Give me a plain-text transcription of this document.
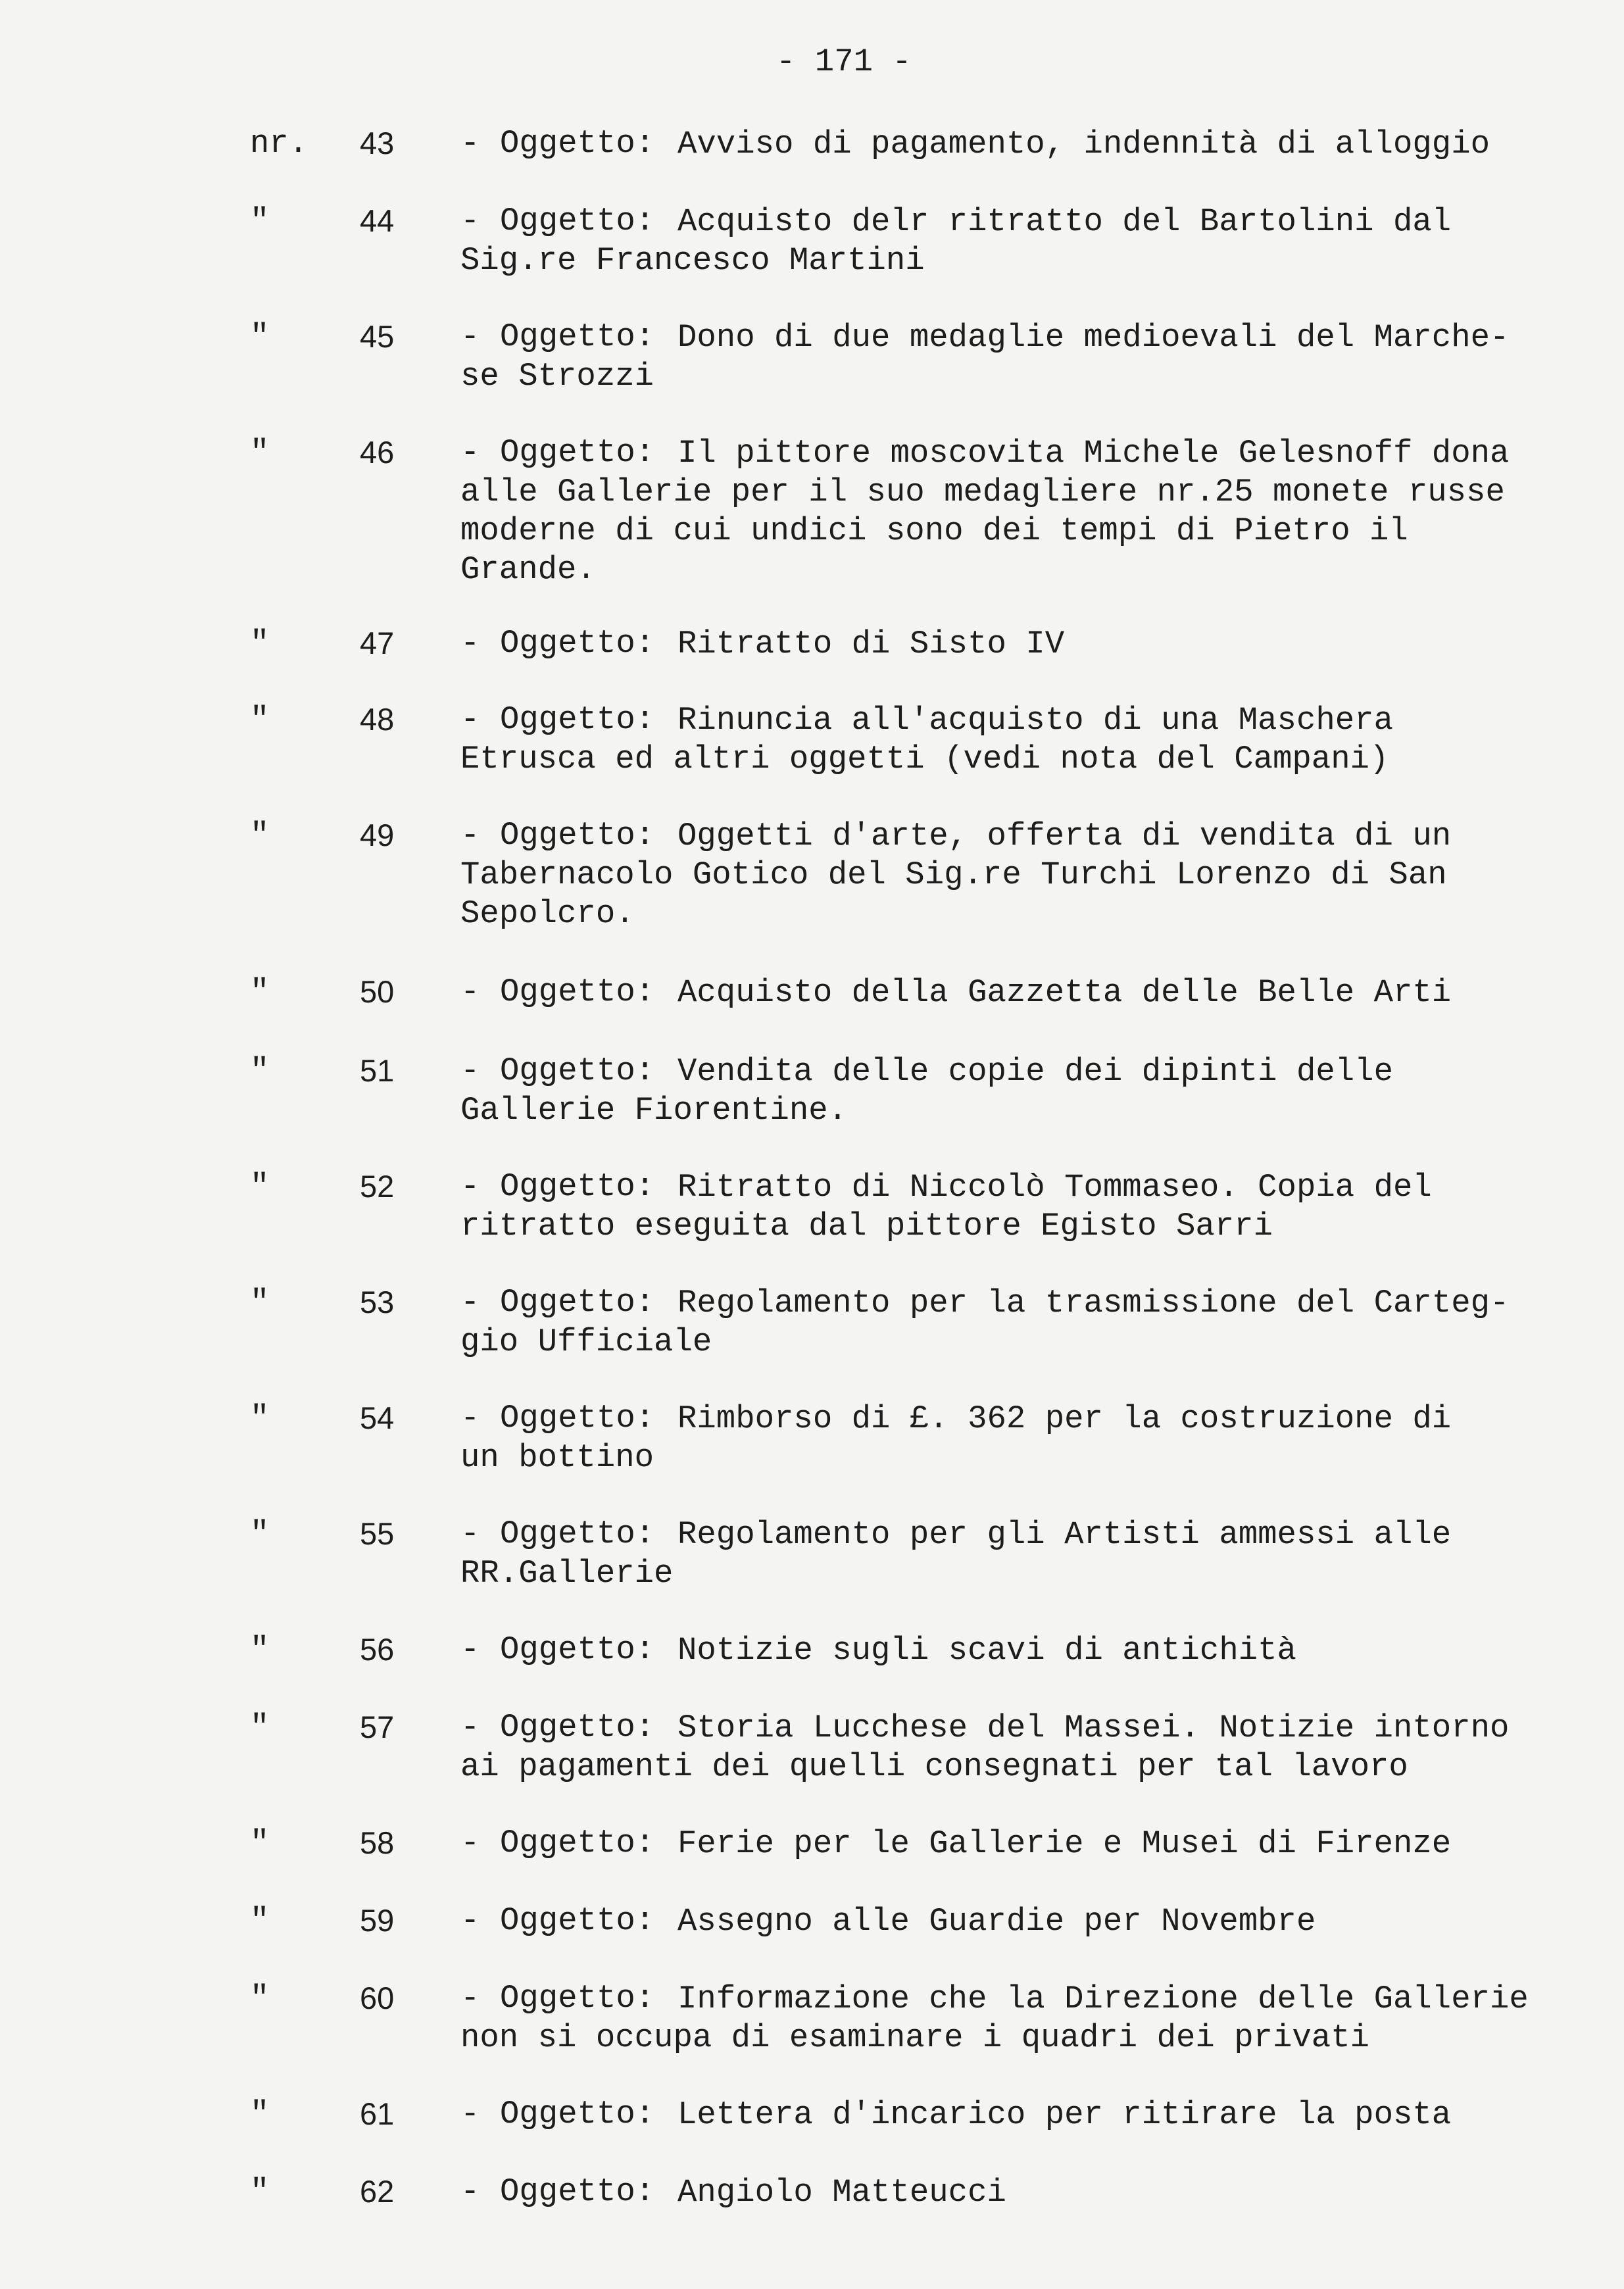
- 171 -
nr. 43 - Oggetto: Avviso di pagamento, indennità di alloggio

"	44 - Oggetto: Acquisto delr ritratto del Bartolini dal
Sig.re Francesco Martini

"	45 - Oggetto: Dono di due medaglie medioevali del Marche-
se Strozzi

"	46 - Oggetto: Il pittore moscovita Michele Gelesnoff dona
alle Gallerie per il suo medagliere nr.25 monete russe
moderne di cui undici sono dei tempi di Pietro il
Grande.

"	47 - Oggetto: Ritratto di Sisto IV

"	48 - Oggetto: Rinuncia all'acquisto di una Maschera
Etrusca ed altri oggetti (vedi nota del Campani)

"	49 - Oggetto: Oggetti d'arte, offerta di vendita di un
Tabernacolo Gotico del Sig.re Turchi Lorenzo di San
Sepolcro.

"	50 - Oggetto: Acquisto della Gazzetta delle Belle Arti

"	51 - Oggetto: Vendita delle copie dei dipinti delle
Gallerie Fiorentine.

"	52 - Oggetto: Ritratto di Niccolò Tommaseo. Copia del
ritratto eseguita dal pittore Egisto Sarri

"	53 - Oggetto: Regolamento per la trasmissione del Carteg-
gio Ufficiale

"	54 - Oggetto: Rimborso di £. 362 per la costruzione di
un bottino

"	55 - Oggetto: Regolamento per gli Artisti ammessi alle
RR.Gallerie

"	56 - Oggetto: Notizie sugli scavi di antichità

"	57 - Oggetto: Storia Lucchese del Massei. Notizie intorno
ai pagamenti dei quelli consegnati per tal lavoro

"	58 - Oggetto: Ferie per le Gallerie e Musei di Firenze

"	59 - Oggetto: Assegno alle Guardie per Novembre

"	60 - Oggetto: Informazione che la Direzione delle Gallerie
non si occupa di esaminare i quadri dei privati

"	61 - Oggetto: Lettera d'incarico per ritirare la posta

"	62 - Oggetto: Angiolo Matteucci
